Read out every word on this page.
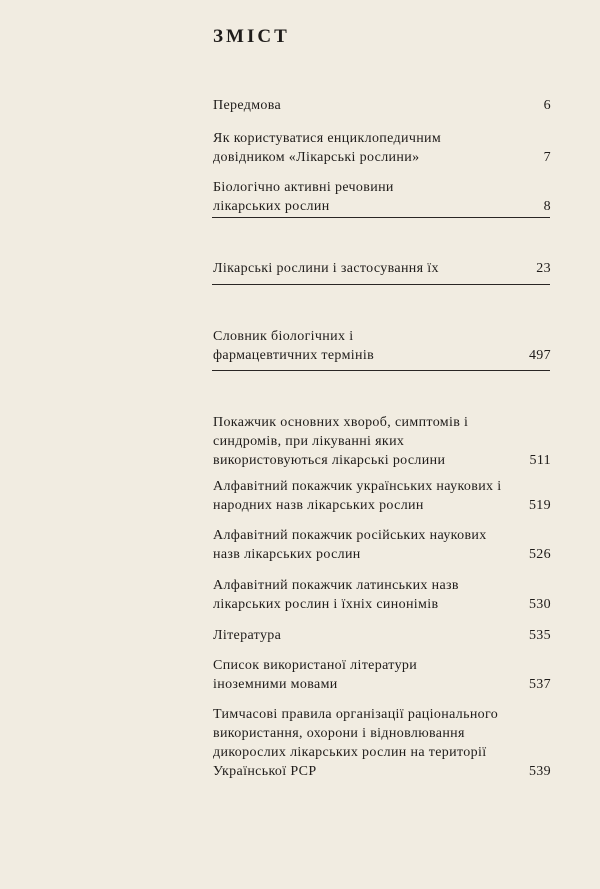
ЗМІСТ
Передмова	6
Як користуватися енциклопедичним довідником «Лікарські рослини»	7
Біологічно активні речовини лікарських рослин	8
Лікарські рослини і застосування їх	23
Словник біологічних і фармацевтичних термінів	497
Покажчик основних хвороб, симптомів і синдромів, при лікуванні яких використовуються лікарські рослини	511
Алфавітний покажчик українських наукових і народних назв лікарських рослин	519
Алфавітний покажчик російських наукових назв лікарських рослин	526
Алфавітний покажчик латинських назв лікарських рослин і їхніх синонімів	530
Література	535
Список використаної літератури іноземними мовами	537
Тимчасові правила організації раціонального використання, охорони і відновлювання дикорослих лікарських рослин на території Української РСР	539
